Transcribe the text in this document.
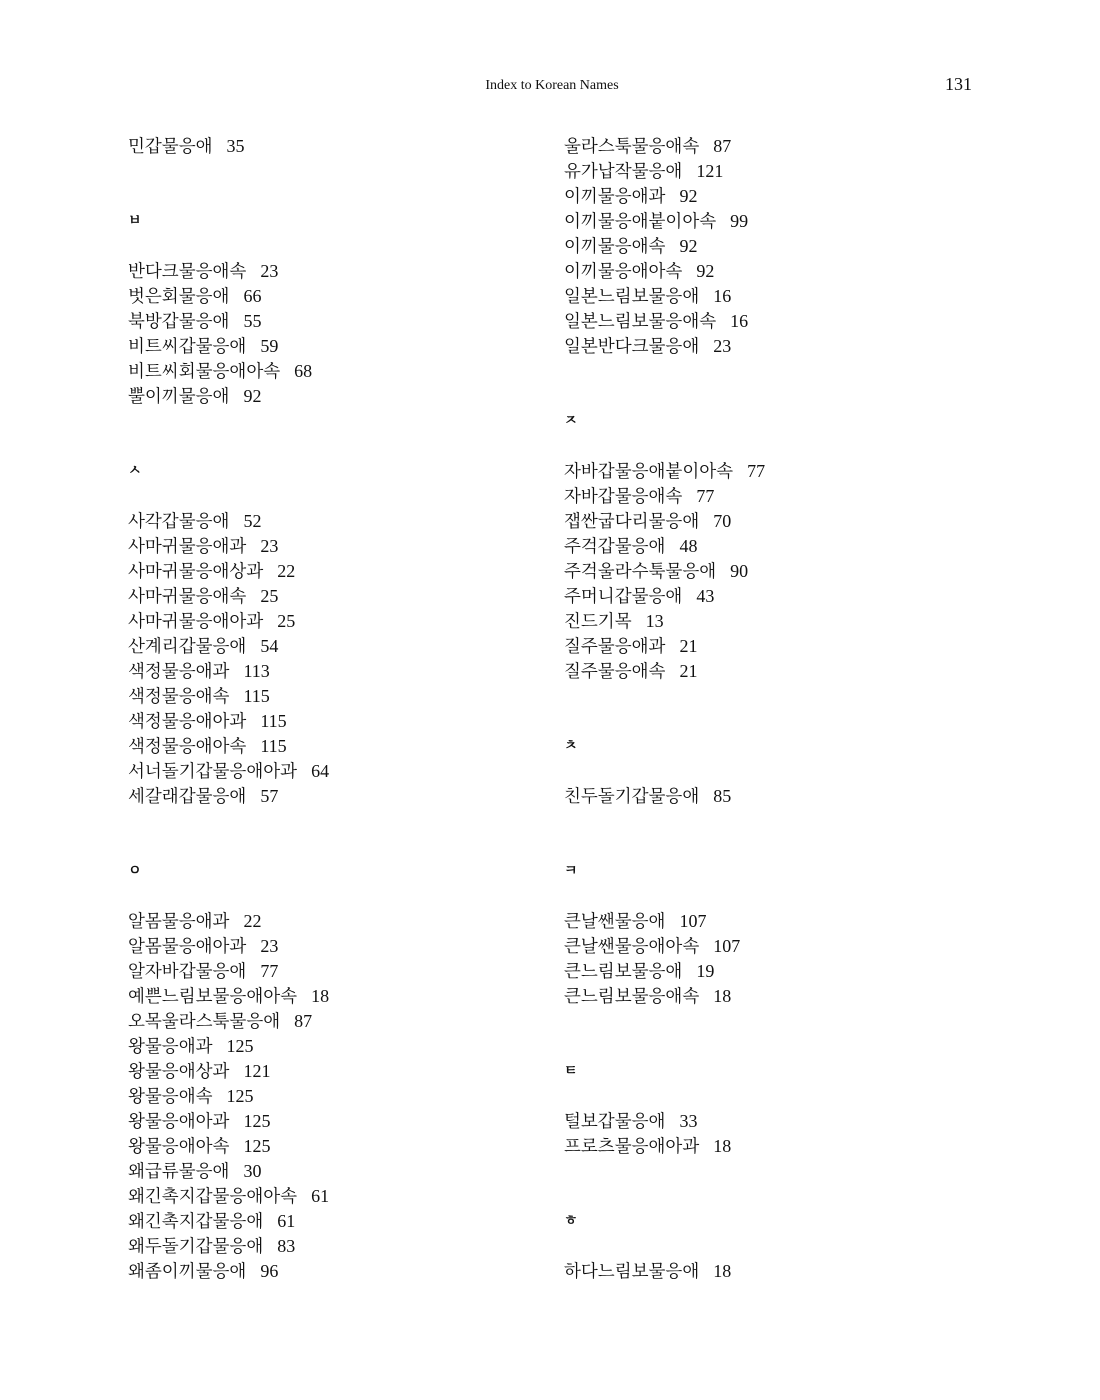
Index to Korean Names	131
민갑물응애 35
ㅂ
반다크물응애속 23
벗은회물응애 66
북방갑물응애 55
비트씨갑물응애 59
비트씨회물응애아속 68
뿔이끼물응애 92
ㅅ
사각갑물응애 52
사마귀물응애과 23
사마귀물응애상과 22
사마귀물응애속 25
사마귀물응애아과 25
산계리갑물응애 54
색정물응애과 113
색정물응애속 115
색정물응애아과 115
색정물응애아속 115
서너돌기갑물응애아과 64
세갈래갑물응애 57
ㅇ
알몸물응애과 22
알몸물응애아과 23
알자바갑물응애 77
예쁜느림보물응애아속 18
오목울라스툭물응애 87
왕물응애과 125
왕물응애상과 121
왕물응애속 125
왕물응애아과 125
왕물응애아속 125
왜급류물응애 30
왜긴촉지갑물응애아속 61
왜긴촉지갑물응애 61
왜두돌기갑물응애 83
왜좀이끼물응애 96
울라스툭물응애속 87
유가납작물응애 121
이끼물응애과 92
이끼물응애붙이아속 99
이끼물응애속 92
이끼물응애아속 92
일본느림보물응애 16
일본느림보물응애속 16
일본반다크물응애 23
ㅈ
자바갑물응애붙이아속 77
자바갑물응애속 77
잽싼굽다리물응애 70
주걱갑물응애 48
주걱울라수툭물응애 90
주머니갑물응애 43
진드기목 13
질주물응애과 21
질주물응애속 21
ㅊ
친두돌기갑물응애 85
ㅋ
큰날쌘물응애 107
큰날쌘물응애아속 107
큰느림보물응애 19
큰느림보물응애속 18
ㅌ
털보갑물응애 33
프로츠물응애아과 18
ㅎ
하다느림보물응애 18
